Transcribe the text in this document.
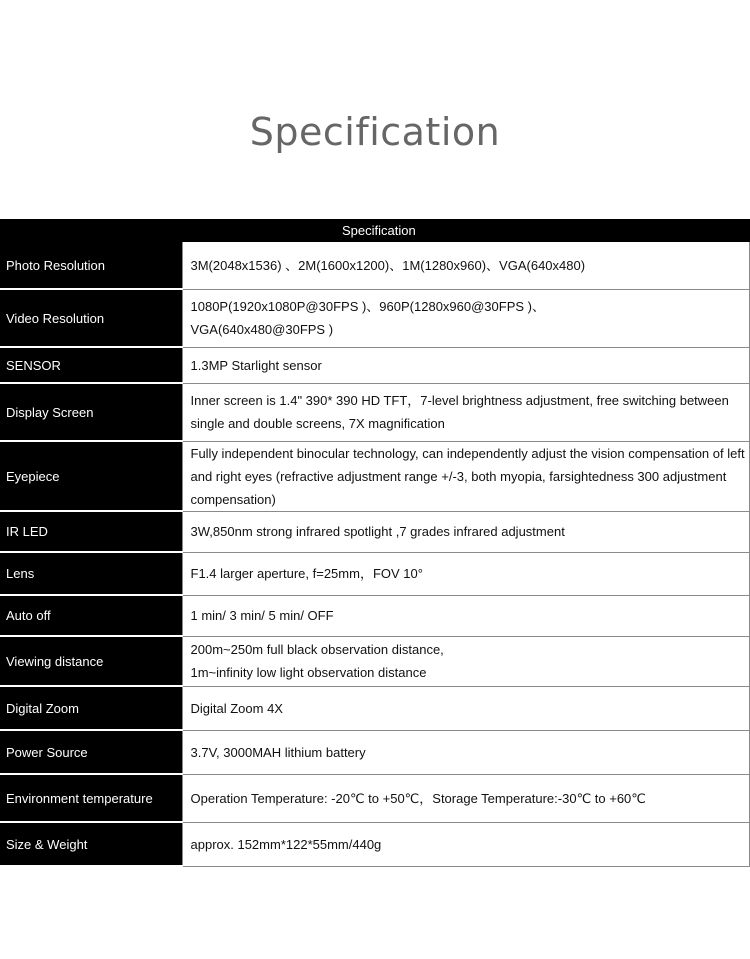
Specification
	Specification
Photo Resolution	3M(2048x1536) 、2M(1600x1200)、1M(1280x960)、VGA(640x480)
Video Resolution	1080P(1920x1080P@30FPS )、960P(1280x960@30FPS )、
VGA(640x480@30FPS )
SENSOR	1.3MP Starlight sensor
Display Screen	Inner screen is 1.4" 390* 390 HD TFT，7-level brightness adjustment, free switching between single and double screens, 7X magnification
Eyepiece	Fully independent binocular technology, can independently adjust the vision compensation of left and right eyes (refractive adjustment range +/-3, both myopia, farsightedness 300 adjustment compensation)
IR LED	3W,850nm strong infrared spotlight ,7 grades infrared adjustment
Lens	F1.4 larger aperture, f=25mm，FOV 10°
Auto off	1 min/ 3 min/ 5 min/ OFF
Viewing distance	200m~250m full black observation distance,
1m~infinity low light observation distance
Digital Zoom	Digital Zoom 4X
Power Source	3.7V, 3000MAH lithium battery
Environment temperature	Operation Temperature: -20℃ to +50℃，Storage Temperature:-30℃ to +60℃
Size & Weight	approx. 152mm*122*55mm/440g
